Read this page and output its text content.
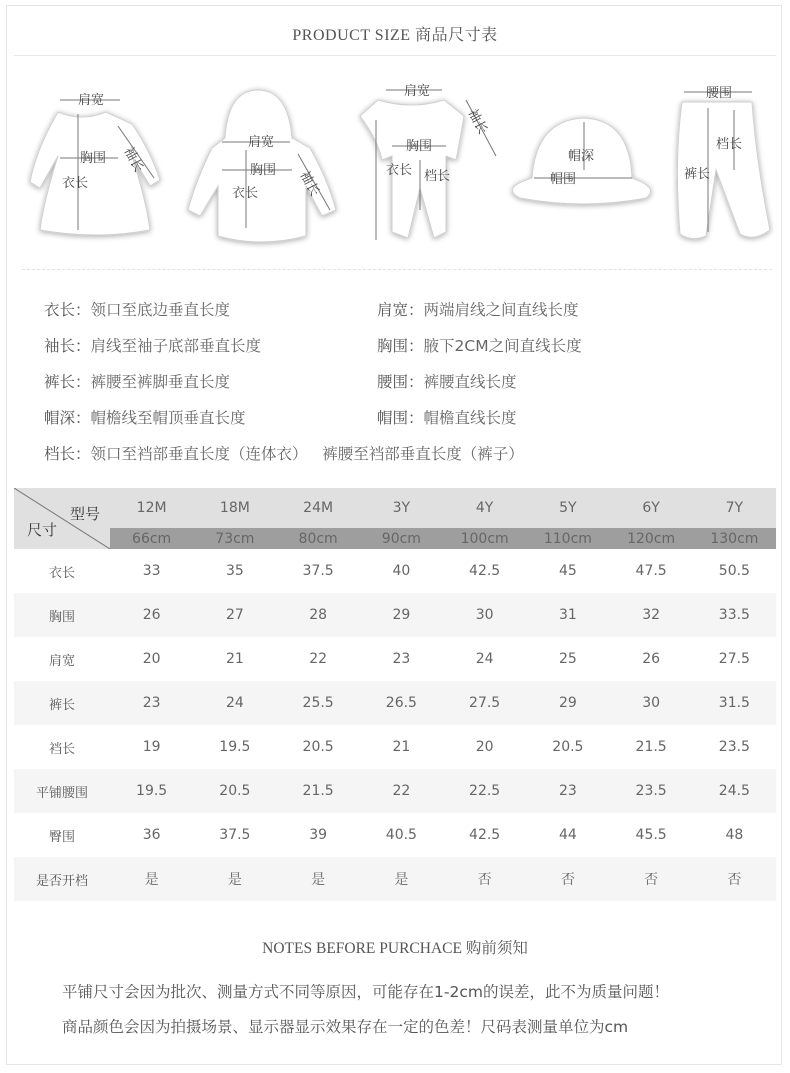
PRODUCT SIZE 商品尺寸表
肩宽
胸围
衣长
袖长
肩宽
胸围
衣长	袖长
肩宽
袖长
胸围
衣长 档长
帽深
帽围
腰围
档长
裤长
衣长：领口至底边垂直长度	肩宽：两端肩线之间直线长度
袖长：肩线至袖子底部垂直长度	胸围：腋下2CM之间直线长度
裤长：裤腰至裤脚垂直长度	腰围：裤腰直线长度
帽深：帽檐线至帽顶垂直长度	帽围：帽檐直线长度
档长：领口至裆部垂直长度（连体衣）   裤腰至裆部垂直长度（裤子）
型号
尺寸	12M	18M	24M	3Y	4Y	5Y	6Y	7Y
	66cm	73cm	80cm	90cm	100cm	110cm	120cm	130cm
衣长	33	35	37.5	40	42.5	45	47.5	50.5
胸围	26	27	28	29	30	31	32	33.5
肩宽	20	21	22	23	24	25	26	27.5
裤长	23	24	25.5	26.5	27.5	29	30	31.5
裆长	19	19.5	20.5	21	20	20.5	21.5	23.5
平铺腰围	19.5	20.5	21.5	22	22.5	23	23.5	24.5
臀围	36	37.5	39	40.5	42.5	44	45.5	48
是否开档	是	是	是	是	否	否	否	否
NOTES BEFORE PURCHACE 购前须知
平铺尺寸会因为批次、测量方式不同等原因，可能存在1-2cm的误差，此不为质量问题！
商品颜色会因为拍摄场景、显示器显示效果存在一定的色差！尺码表测量单位为cm
